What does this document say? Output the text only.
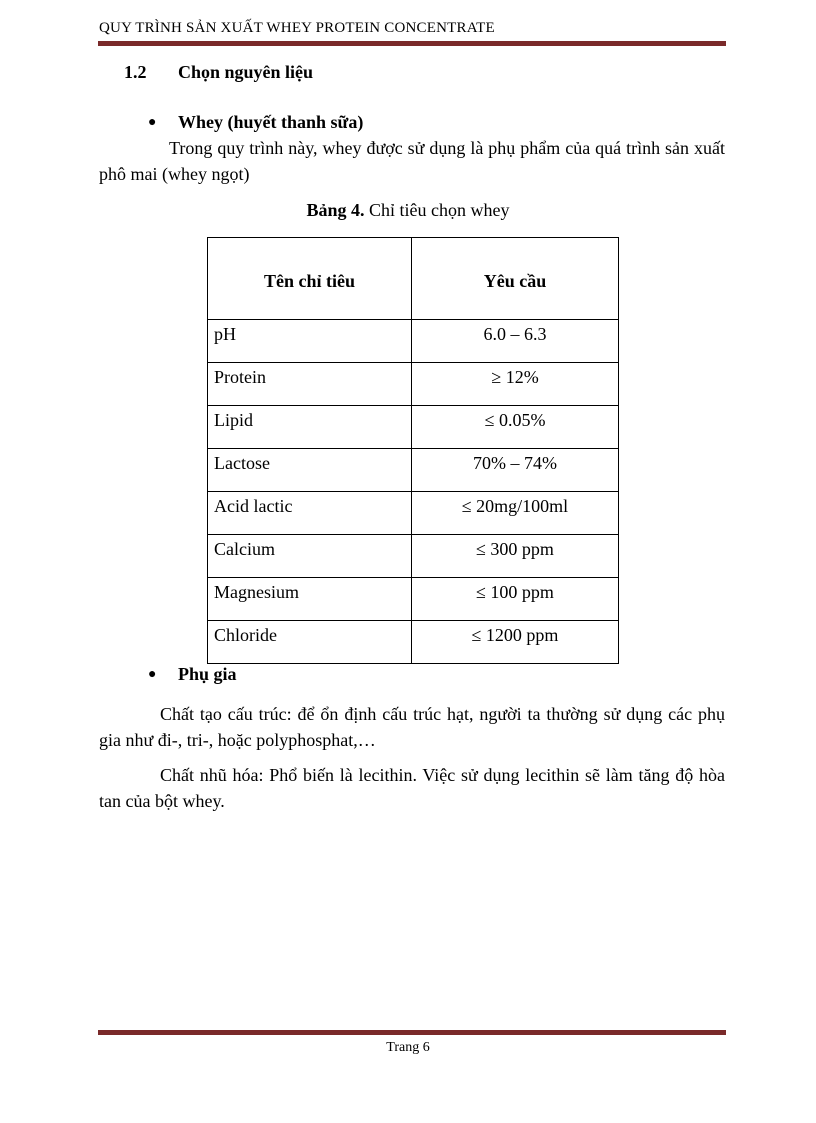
QUY TRÌNH SẢN XUẤT WHEY PROTEIN CONCENTRATE
1.2 Chọn nguyên liệu
● Whey (huyết thanh sữa)
Trong quy trình này, whey được sử dụng là phụ phẩm của quá trình sản xuất phô mai (whey ngọt)
Bảng 4. Chỉ tiêu chọn whey
Tên chỉ tiêu	Yêu cầu
pH	6.0 – 6.3
Protein	≥ 12%
Lipid	≤ 0.05%
Lactose	70% – 74%
Acid lactic	≤ 20mg/100ml
Calcium	≤ 300 ppm
Magnesium	≤ 100 ppm
Chloride	≤ 1200 ppm
● Phụ gia
Chất tạo cấu trúc: để ổn định cấu trúc hạt, người ta thường sử dụng các phụ gia như đi-, tri-, hoặc polyphosphat,…
Chất nhũ hóa: Phổ biến là lecithin. Việc sử dụng lecithin sẽ làm tăng độ hòa tan của bột whey.
Trang 6
